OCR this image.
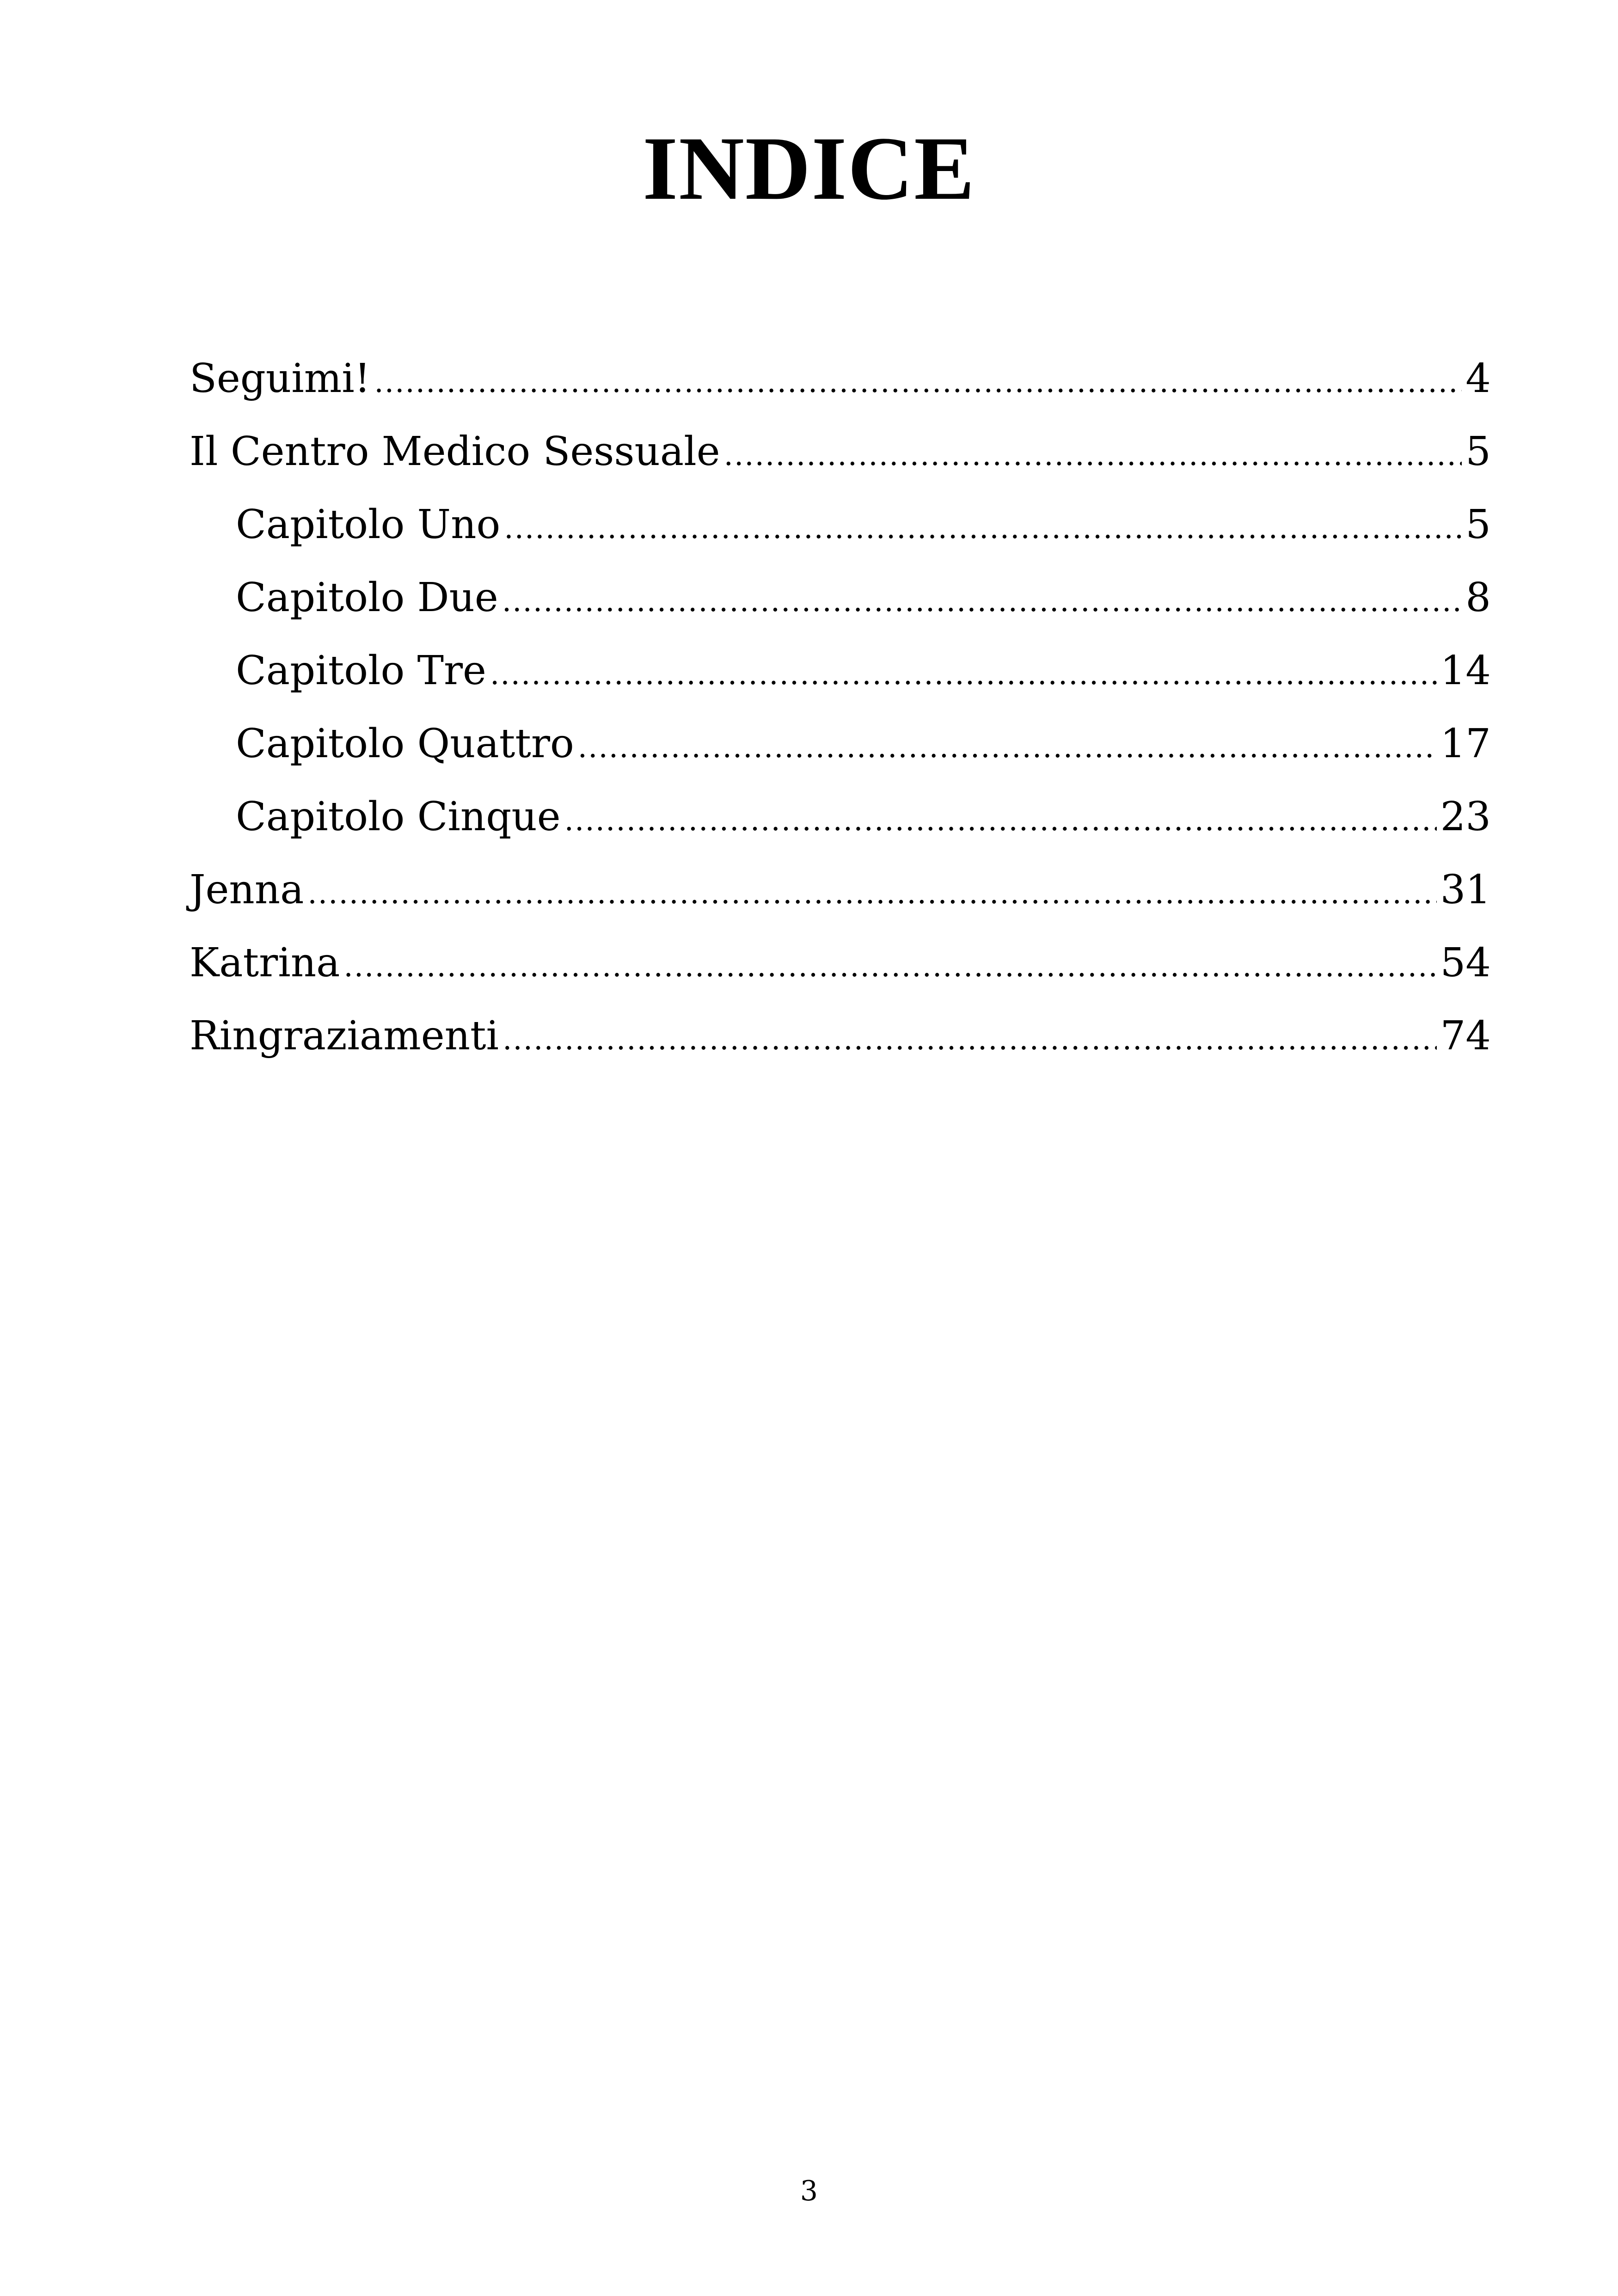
INDICE
Seguimi! .....	4
Il Centro Medico Sessuale .....	5
Capitolo Uno .....	5
Capitolo Due .....	8
Capitolo Tre .....	14
Capitolo Quattro .....	17
Capitolo Cinque .....	23
Jenna .....	31
Katrina .....	54
Ringraziamenti .....	74
3
